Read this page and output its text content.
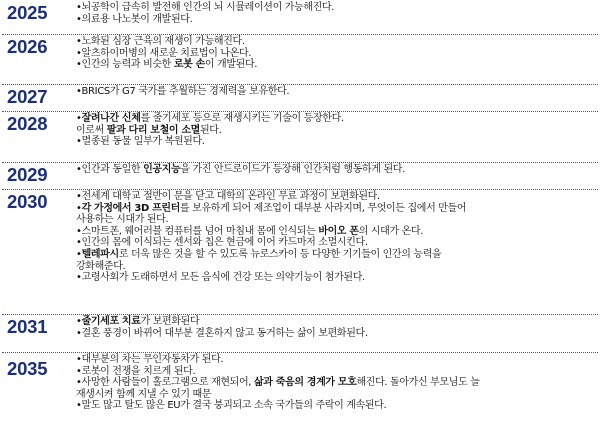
2025	•뇌공학이 급속히 발전해 인간의 뇌 시뮬레이션이 가능해진다.
•의료용 나노봇이 개발된다.
2026	•노화된 심장 근육의 재생이 가능해진다.
•알츠하이머병의 새로운 치료법이 나온다.
•인간의 능력과 비슷한 로봇 손이 개발된다.
2027	•BRICS가 G7 국가를 추월하는 경제력을 보유한다.
2028	•잘려나간 신체를 줄기세포 등으로 재생시키는 기술이 등장한다.
이로써 팔과 다리 보철이 소멸된다.
•멸종된 동물 일부가 복원된다.
2029	•인간과 동일한 인공지능을 가진 안드로이드가 등장해 인간처럼 행동하게 된다.
2030	•전세계 대학교 절반이 문을 닫고 대학의 온라인 무료 과정이 보편화된다.
•각 가정에서 3D 프린터를 보유하게 되어 제조업이 대부분 사라지며, 무엇이든 집에서 만들어
사용하는 시대가 된다.
•스마트폰, 웨어러블 컴퓨터를 넘어 마침내 몸에 인식되는 바이오 폰의 시대가 온다.
•인간의 몸에 이식되는 센서와 칩은 현금에 이어 카드마저 소멸시킨다.
•텔레파시로 더욱 많은 것을 할 수 있도록 뉴로스카이 등 다양한 기기들이 인간의 능력을
강화해준다.
•고령사회가 도래하면서 모든 음식에 건강 또는 의약기능이 첨가된다.
2031	•줄기세포 치료가 보편화된다
•결혼 풍경이 바뀌어 대부분 결혼하지 않고 동거하는 삶이 보편화된다.
2035	•대부분의 차는 무인자동차가 된다.
•로봇이 전쟁을 치르게 된다.
•사망한 사람들이 홀로그램으로 재현되어, 삶과 죽음의 경계가 모호해진다. 돌아가신 부모님도 늘
재생시켜 함께 지낼 수 있기 때문
•말도 많고 탈도 많은 EU가 결국 붕괴되고 소속 국가들의 주락이 계속된다.
